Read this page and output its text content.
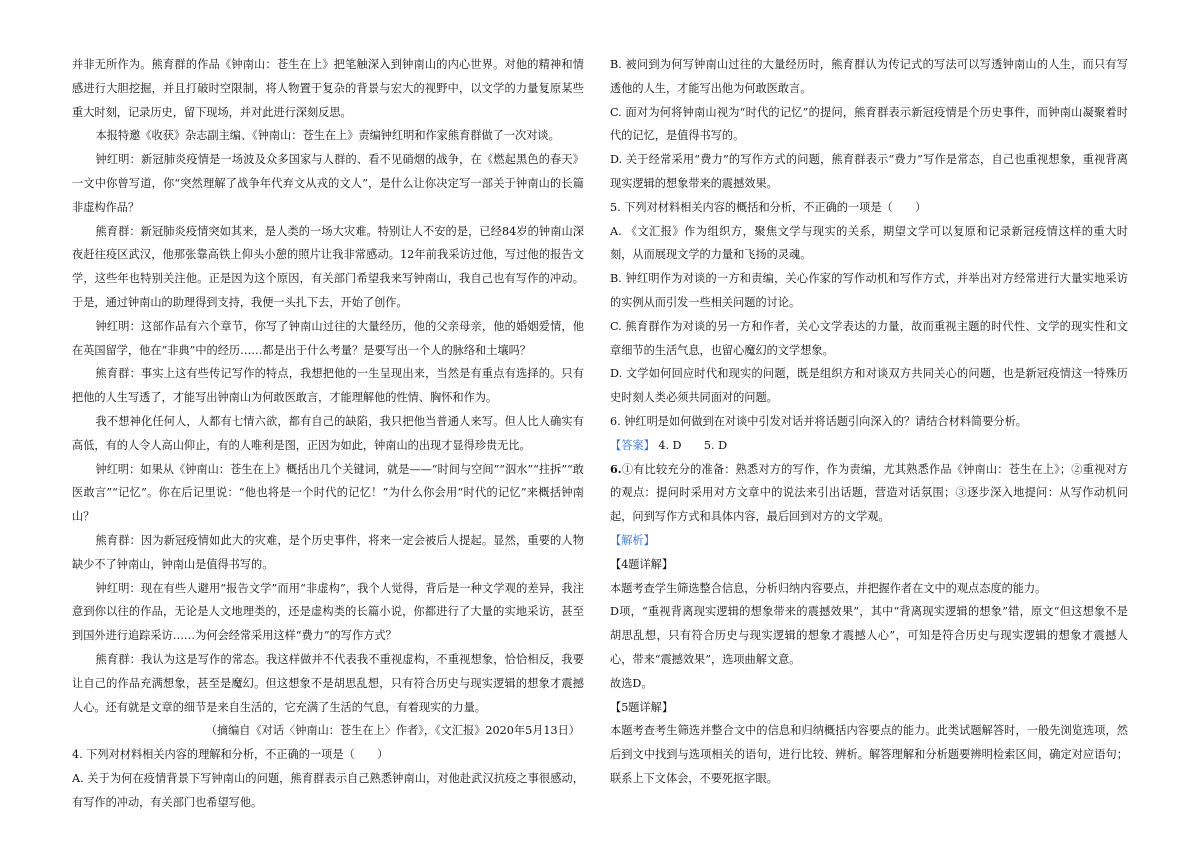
并非无所作为。熊育群的作品《钟南山：苍生在上》把笔触深入到钟南山的内心世界。对他的精神和情感进行大胆挖掘，并且打破时空限制，将人物置于复杂的背景与宏大的视野中，以文学的力量复原某些重大时刻，记录历史，留下现场，并对此进行深刻反思。

本报特邀《收获》杂志副主编、《钟南山：苍生在上》责编钟红明和作家熊育群做了一次对谈。

钟红明：新冠肺炎疫情是一场波及众多国家与人群的、看不见硝烟的战争，在《燃起黑色的春天》一文中你曾写道，你“突然理解了战争年代弃文从戎的文人”，是什么让你决定写一部关于钟南山的长篇非虚构作品？

熊育群：新冠肺炎疫情突如其来，是人类的一场大灾难。特别让人不安的是，已经84岁的钟南山深夜赶往疫区武汉，他那张靠高铁上仰头小憩的照片让我非常感动。12年前我采访过他，写过他的报告文学，这些年也特别关注他。正是因为这个原因，有关部门希望我来写钟南山，我自己也有写作的冲动。于是，通过钟南山的助理得到支持，我便一头扎下去，开始了创作。

钟红明：这部作品有六个章节，你写了钟南山过往的大量经历，他的父亲母亲，他的婚姻爱情，他在英国留学，他在“非典”中的经历……都是出于什么考量？是要写出一个人的脉络和土壤吗？

熊育群：事实上这有些传记写作的特点，我想把他的一生呈现出来，当然是有重点有选择的。只有把他的人生写透了，才能写出钟南山为何敢医敢言，才能理解他的性情、胸怀和作为。

我不想神化任何人，人都有七情六欲，都有自己的缺陷，我只把他当普通人来写。但人比人确实有高低，有的人令人高山仰止，有的人唯利是图，正因为如此，钟南山的出现才显得珍贵无比。

钟红明：如果从《钟南山：苍生在上》概括出几个关键词，就是——“时间与空间”“泅水”“拄拆”“敢医敢言”“记忆”。你在后记里说：“他也将是一个时代的记忆！”为什么你会用“时代的记忆”来概括钟南山？

熊育群：因为新冠疫情如此大的灾难，是个历史事件，将来一定会被后人提起。显然，重要的人物缺少不了钟南山，钟南山是值得书写的。

钟红明：现在有些人避用“报告文学”而用“非虚构”，我个人觉得，背后是一种文学观的差异，我注意到你以往的作品，无论是人文地理类的，还是虚构类的长篇小说，你都进行了大量的实地采访，甚至到国外进行追踪采访……为何会经常采用这样“费力”的写作方式？

熊育群：我认为这是写作的常态。我这样做并不代表我不重视虚构，不重视想象，恰恰相反，我要让自己的作品充满想象，甚至是魔幻。但这想象不是胡思乱想，只有符合历史与现实逻辑的想象才震撼人心。还有就是文章的细节是来自生活的，它充满了生活的气息，有着现实的力量。

（摘编自《对话〈钟南山：苍生在上〉作者》，《文汇报》2020年5月13日）

4. 下列对材料相关内容的理解和分析，不正确的一项是（　　）

A. 关于为何在疫情背景下写钟南山的问题，熊育群表示自己熟悉钟南山，对他赴武汉抗疫之事很感动，有写作的冲动，有关部门也希望写他。

B. 被问到为何写钟南山过往的大量经历时，熊育群认为传记式的写法可以写透钟南山的人生，而只有写透他的人生，才能写出他为何敢医敢言。

C. 面对为何将钟南山视为“时代的记忆”的提问，熊育群表示新冠疫情是个历史事件，而钟南山凝聚着时代的记忆，是值得书写的。

D. 关于经常采用“费力”的写作方式的问题，熊育群表示“费力”写作是常态，自己也重视想象，重视背离现实逻辑的想象带来的震撼效果。

5. 下列对材料相关内容的概括和分析，不正确的一项是（　　）

A. 《文汇报》作为组织方，聚焦文学与现实的关系，期望文学可以复原和记录新冠疫情这样的重大时刻，从而展现文学的力量和飞扬的灵魂。

B. 钟红明作为对谈的一方和责编，关心作家的写作动机和写作方式，并举出对方经常进行大量实地采访的实例从而引发一些相关问题的讨论。

C. 熊育群作为对谈的另一方和作者，关心文学表达的力量，故而重视主题的时代性、文学的现实性和文章细节的生活气息，也留心魔幻的文学想象。

D. 文学如何回应时代和现实的问题，既是组织方和对谈双方共同关心的问题，也是新冠疫情这一特殊历史时刻人类必须共同面对的问题。

6. 钟红明是如何做到在对谈中引发对话并将话题引向深入的？请结合材料简要分析。

【答案】 4. D　　5. D

6.①有比较充分的准备：熟悉对方的写作，作为责编，尤其熟悉作品《钟南山：苍生在上》；②重视对方的观点：提问时采用对方文章中的说法来引出话题，营造对话氛围；③逐步深入地提问：从写作动机问起，问到写作方式和具体内容，最后回到对方的文学观。

【解析】

【4题详解】

本题考查学生筛选整合信息，分析归纳内容要点，并把握作者在文中的观点态度的能力。

D项，“重视背离现实逻辑的想象带来的震撼效果”，其中“背离现实逻辑的想象”错，原文“但这想象不是胡思乱想，只有符合历史与现实逻辑的想象才震撼人心”，可知是符合历史与现实逻辑的想象才震撼人心，带来“震撼效果”，选项曲解文意。

故选D。

【5题详解】

本题考查考生筛选并整合文中的信息和归纳概括内容要点的能力。此类试题解答时，一般先浏览选项，然后到文中找到与选项相关的语句，进行比较、辨析。解答理解和分析题要辨明检索区间，确定对应语句；联系上下文体会，不要死抠字眼。
